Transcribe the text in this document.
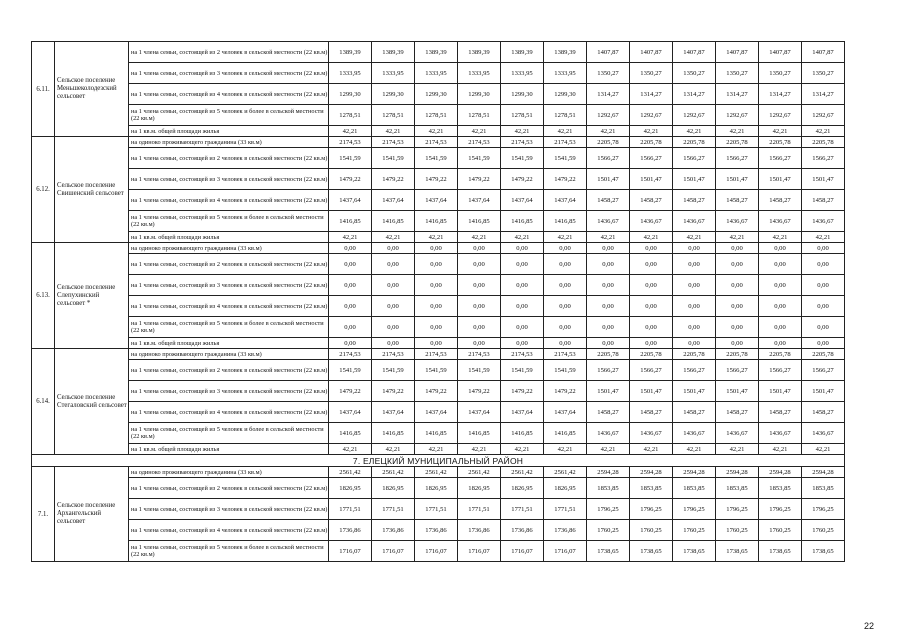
6.11.	Сельское поселение Меньшеколодезский сельсовет	на 1 члена семьи, состоящей из 2 человек в сельской местности (22 кв.м)	1389,39	1389,39	1389,39	1389,39	1389,39	1389,39	1407,87	1407,87	1407,87	1407,87	1407,87	1407,87
		на 1 члена семьи, состоящей из 3 человек в сельской местности (22 кв.м)	1333,95	1333,95	1333,95	1333,95	1333,95	1333,95	1350,27	1350,27	1350,27	1350,27	1350,27	1350,27
		на 1 члена семьи, состоящей из 4 человек в сельской местности (22 кв.м)	1299,30	1299,30	1299,30	1299,30	1299,30	1299,30	1314,27	1314,27	1314,27	1314,27	1314,27	1314,27
		на 1 члена семьи, состоящей из 5 человек и более в сельской местности (22 кв.м)	1278,51	1278,51	1278,51	1278,51	1278,51	1278,51	1292,67	1292,67	1292,67	1292,67	1292,67	1292,67
		на 1 кв.м. общей площади жилья	42,21	42,21	42,21	42,21	42,21	42,21	42,21	42,21	42,21	42,21	42,21	42,21
6.12.	Сельское поселение Свишенский сельсовет	на одиноко проживающего гражданина (33 кв.м)	2174,53	2174,53	2174,53	2174,53	2174,53	2174,53	2205,78	2205,78	2205,78	2205,78	2205,78	2205,78
		на 1 члена семьи, состоящей из 2 человек в сельской местности (22 кв.м)	1541,59	1541,59	1541,59	1541,59	1541,59	1541,59	1566,27	1566,27	1566,27	1566,27	1566,27	1566,27
		на 1 члена семьи, состоящей из 3 человек в сельской местности (22 кв.м)	1479,22	1479,22	1479,22	1479,22	1479,22	1479,22	1501,47	1501,47	1501,47	1501,47	1501,47	1501,47
		на 1 члена семьи, состоящей из 4 человек в сельской местности (22 кв.м)	1437,64	1437,64	1437,64	1437,64	1437,64	1437,64	1458,27	1458,27	1458,27	1458,27	1458,27	1458,27
		на 1 члена семьи, состоящей из 5 человек и более в сельской местности (22 кв.м)	1416,85	1416,85	1416,85	1416,85	1416,85	1416,85	1436,67	1436,67	1436,67	1436,67	1436,67	1436,67
		на 1 кв.м. общей площади жилья	42,21	42,21	42,21	42,21	42,21	42,21	42,21	42,21	42,21	42,21	42,21	42,21
6.13.	Сельское поселение Слепухинский сельсовет *	на одиноко проживающего гражданина (33 кв.м)	0,00	0,00	0,00	0,00	0,00	0,00	0,00	0,00	0,00	0,00	0,00	0,00
		на 1 члена семьи, состоящей из 2 человек в сельской местности (22 кв.м)	0,00	0,00	0,00	0,00	0,00	0,00	0,00	0,00	0,00	0,00	0,00	0,00
		на 1 члена семьи, состоящей из 3 человек в сельской местности (22 кв.м)	0,00	0,00	0,00	0,00	0,00	0,00	0,00	0,00	0,00	0,00	0,00	0,00
		на 1 члена семьи, состоящей из 4 человек в сельской местности (22 кв.м)	0,00	0,00	0,00	0,00	0,00	0,00	0,00	0,00	0,00	0,00	0,00	0,00
		на 1 члена семьи, состоящей из 5 человек и более в сельской местности (22 кв.м)	0,00	0,00	0,00	0,00	0,00	0,00	0,00	0,00	0,00	0,00	0,00	0,00
		на 1 кв.м. общей площади жилья	0,00	0,00	0,00	0,00	0,00	0,00	0,00	0,00	0,00	0,00	0,00	0,00
6.14.	Сельское поселение Стегаловский сельсовет	на одиноко проживающего гражданина (33 кв.м)	2174,53	2174,53	2174,53	2174,53	2174,53	2174,53	2205,78	2205,78	2205,78	2205,78	2205,78	2205,78
		на 1 члена семьи, состоящей из 2 человек в сельской местности (22 кв.м)	1541,59	1541,59	1541,59	1541,59	1541,59	1541,59	1566,27	1566,27	1566,27	1566,27	1566,27	1566,27
		на 1 члена семьи, состоящей из 3 человек в сельской местности (22 кв.м)	1479,22	1479,22	1479,22	1479,22	1479,22	1479,22	1501,47	1501,47	1501,47	1501,47	1501,47	1501,47
		на 1 члена семьи, состоящей из 4 человек в сельской местности (22 кв.м)	1437,64	1437,64	1437,64	1437,64	1437,64	1437,64	1458,27	1458,27	1458,27	1458,27	1458,27	1458,27
		на 1 члена семьи, состоящей из 5 человек и более в сельской местности (22 кв.м)	1416,85	1416,85	1416,85	1416,85	1416,85	1416,85	1436,67	1436,67	1436,67	1436,67	1436,67	1436,67
		на 1 кв.м. общей площади жилья	42,21	42,21	42,21	42,21	42,21	42,21	42,21	42,21	42,21	42,21	42,21	42,21
7. ЕЛЕЦКИЙ МУНИЦИПАЛЬНЫЙ РАЙОН														
7.1.	Сельское поселение Архангельский сельсовет	на одиноко проживающего гражданина (33 кв.м)	2561,42	2561,42	2561,42	2561,42	2561,42	2561,42	2594,28	2594,28	2594,28	2594,28	2594,28	2594,28
		на 1 члена семьи, состоящей из 2 человек в сельской местности (22 кв.м)	1826,95	1826,95	1826,95	1826,95	1826,95	1826,95	1853,85	1853,85	1853,85	1853,85	1853,85	1853,85
		на 1 члена семьи, состоящей из 3 человек в сельской местности (22 кв.м)	1771,51	1771,51	1771,51	1771,51	1771,51	1771,51	1796,25	1796,25	1796,25	1796,25	1796,25	1796,25
		на 1 члена семьи, состоящей из 4 человек в сельской местности (22 кв.м)	1736,86	1736,86	1736,86	1736,86	1736,86	1736,86	1760,25	1760,25	1760,25	1760,25	1760,25	1760,25
		на 1 члена семьи, состоящей из 5 человек и более в сельской местности (22 кв.м)	1716,07	1716,07	1716,07	1716,07	1716,07	1716,07	1738,65	1738,65	1738,65	1738,65	1738,65	1738,65
22
